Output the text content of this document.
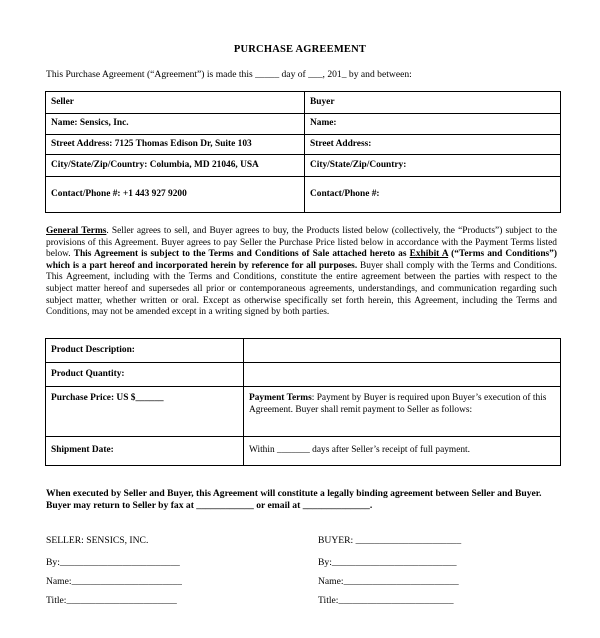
PURCHASE AGREEMENT
This Purchase Agreement (“Agreement”) is made this _____ day of ___, 201_ by and between:
Seller	Buyer
Name: Sensics, Inc.	Name:
Street Address: 7125 Thomas Edison Dr, Suite 103	Street Address:
City/State/Zip/Country: Columbia, MD 21046, USA	City/State/Zip/Country:
Contact/Phone #: +1 443 927 9200	Contact/Phone #:
General Terms. Seller agrees to sell, and Buyer agrees to buy, the Products listed below (collectively, the “Products”) subject to the provisions of this Agreement. Buyer agrees to pay Seller the Purchase Price listed below in accordance with the Payment Terms listed below. This Agreement is subject to the Terms and Conditions of Sale attached hereto as Exhibit A (“Terms and Conditions”) which is a part hereof and incorporated herein by reference for all purposes. Buyer shall comply with the Terms and Conditions. This Agreement, including with the Terms and Conditions, constitute the entire agreement between the parties with respect to the subject matter hereof and supersedes all prior or contemporaneous agreements, understandings, and communication regarding such subject matter, whether written or oral. Except as otherwise specifically set forth herein, this Agreement, including the Terms and Conditions, may not be amended except in a writing signed by both parties.
Product Description:	
Product Quantity:	
Purchase Price: US $______	Payment Terms: Payment by Buyer is required upon Buyer’s execution of this Agreement. Buyer shall remit payment to Seller as follows:
Shipment Date:	Within _______ days after Seller’s receipt of full payment.
When executed by Seller and Buyer, this Agreement will constitute a legally binding agreement between Seller and Buyer. Buyer may return to Seller by fax at ____________ or email at ______________.
SELLER: SENSICS, INC.	BUYER: ______________________
By:_________________________	By:__________________________
Name:_______________________	Name:________________________
Title:_______________________	Title:________________________
